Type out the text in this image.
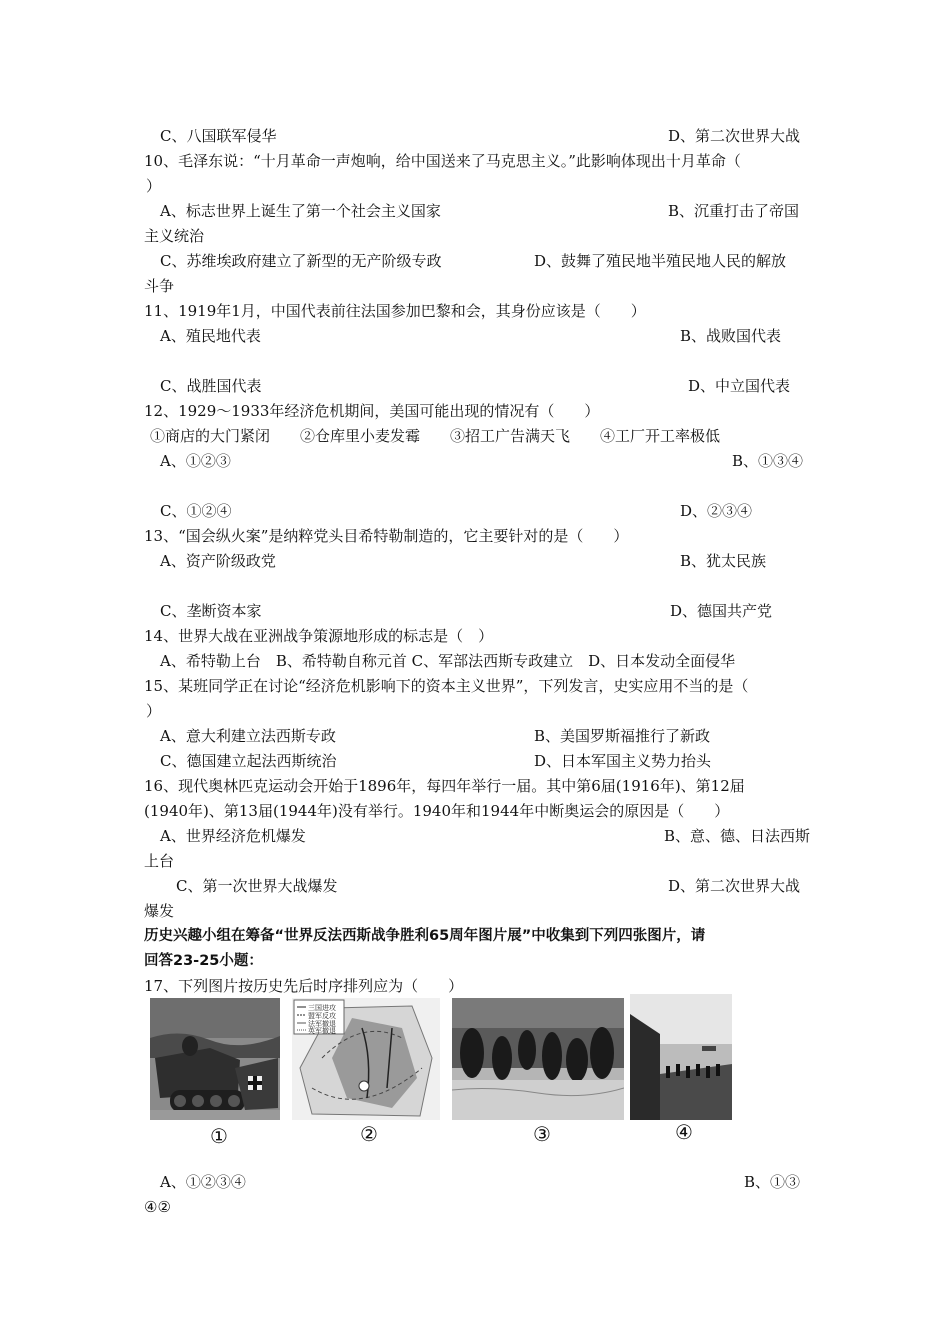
C、八国联军侵华	D、第二次世界大战
10、毛泽东说：“十月革命一声炮响，给中国送来了马克思主义。”此影响体现出十月革命（
）
A、标志世界上诞生了第一个社会主义国家	B、沉重打击了帝国
主义统治
C、苏维埃政府建立了新型的无产阶级专政	D、鼓舞了殖民地半殖民地人民的解放
斗争
11、1919年1月，中国代表前往法国参加巴黎和会，其身份应该是（　　）
A、殖民地代表	B、战败国代表
C、战胜国代表	D、中立国代表
12、1929～1933年经济危机期间，美国可能出现的情况有（　　）
①商店的大门紧闭　　②仓库里小麦发霉　　③招工广告满天飞　　④工厂开工率极低
A、①②③	B、①③④
C、①②④	D、②③④
13、“国会纵火案”是纳粹党头目希特勒制造的，它主要针对的是（　　）
A、资产阶级政党	B、犹太民族
C、垄断资本家	D、德国共产党
14、世界大战在亚洲战争策源地形成的标志是（　）
A、希特勒上台　B、希特勒自称元首 C、军部法西斯专政建立　D、日本发动全面侵华
15、某班同学正在讨论“经济危机影响下的资本主义世界”，下列发言，史实应用不当的是（
）
A、意大利建立法西斯专政	B、美国罗斯福推行了新政
C、德国建立起法西斯统治	D、日本军国主义势力抬头
16、现代奥林匹克运动会开始于1896年，每四年举行一届。其中第6届(1916年)、第12届
(1940年)、第13届(1944年)没有举行。1940年和1944年中断奥运会的原因是（　　）
A、世界经济危机爆发	B、意、德、日法西斯
上台
C、第一次世界大战爆发	D、第二次世界大战
爆发
历史兴趣小组在筹备“世界反法西斯战争胜利65周年图片展”中收集到下列四张图片，请
回答23-25小题：
17、下列图片按历史先后时序排列应为（　　）
三国进攻
盟军反攻
法军撤退
英军撤退
①	②	③	④
A、①②③④	B、①③
④②
